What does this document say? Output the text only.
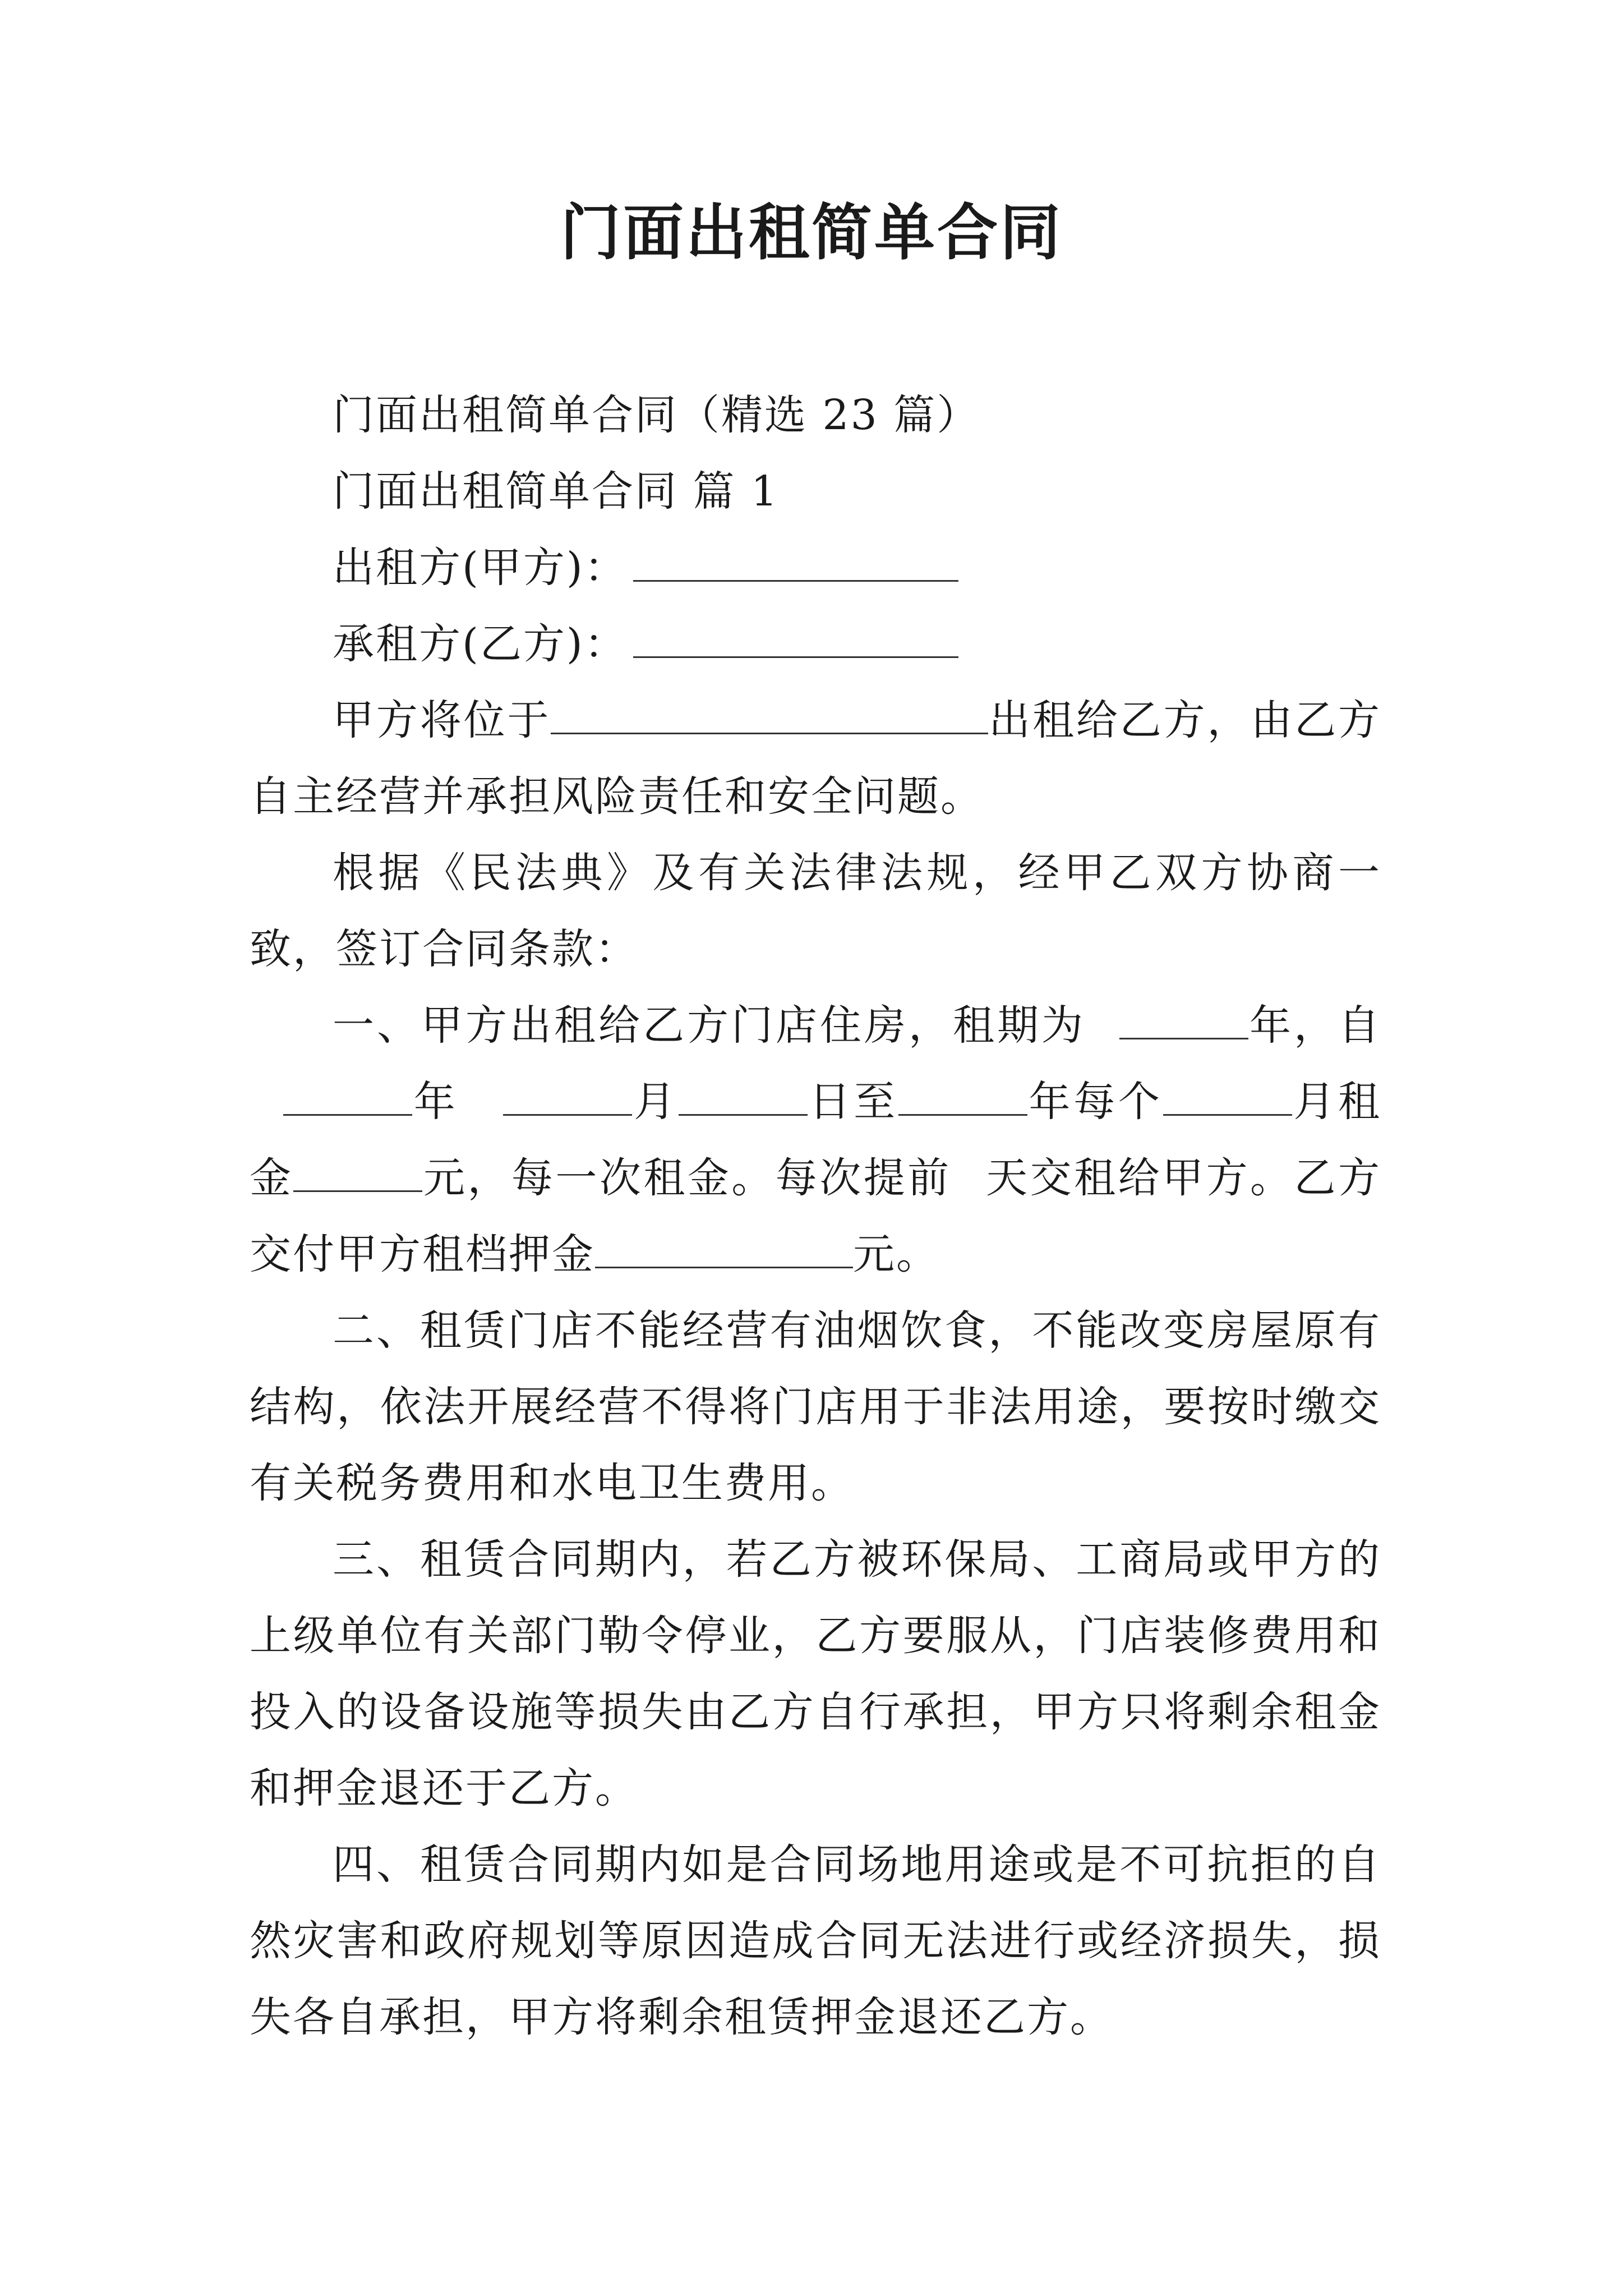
门面出租简单合同

门面出租简单合同（精选 23 篇）

门面出租简单合同 篇 1

出租方(甲方)：

承租方(乙方)：

甲方将位于	出租给乙方，由乙方自主经营并承担风险责任和安全问题。

根据《民法典》及有关法律法规，经甲乙双方协商一致，签订合同条款：

一、甲方出租给乙方门店住房，租期为	年，自年	月	日至	年每个	月租金	元，每一次租金。每次提前 天交租给甲方。乙方交付甲方租档押金	元。

二、租赁门店不能经营有油烟饮食，不能改变房屋原有结构，依法开展经营不得将门店用于非法用途，要按时缴交有关税务费用和水电卫生费用。

三、租赁合同期内，若乙方被环保局、工商局或甲方的上级单位有关部门勒令停业，乙方要服从，门店装修费用和投入的设备设施等损失由乙方自行承担，甲方只将剩余租金和押金退还于乙方。

四、租赁合同期内如是合同场地用途或是不可抗拒的自然灾害和政府规划等原因造成合同无法进行或经济损失，损失各自承担，甲方将剩余租赁押金退还乙方。
